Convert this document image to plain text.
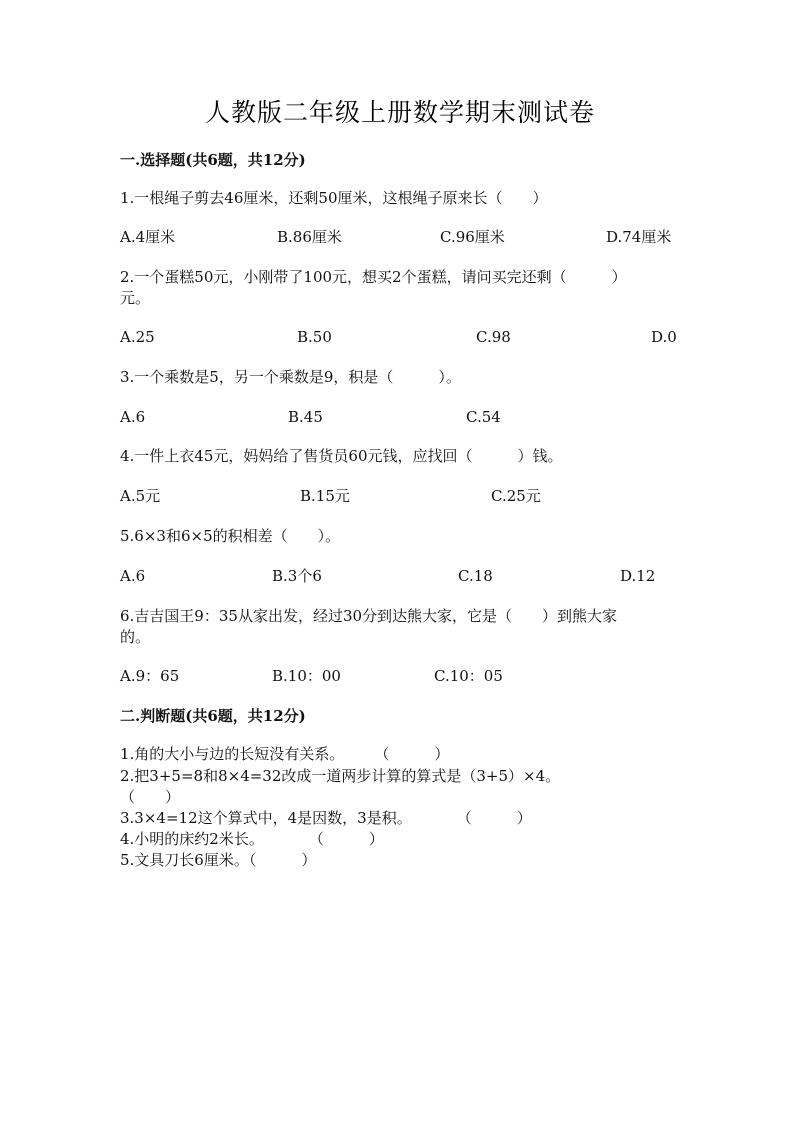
人教版二年级上册数学期末测试卷
一.选择题(共6题，共12分)
1.一根绳子剪去46厘米，还剩50厘米，这根绳子原来长（　　）
A.4厘米	B.86厘米	C.96厘米	D.74厘米
2.一个蛋糕50元，小刚带了100元，想买2个蛋糕，请问买完还剩（　　　）
元。
A.25	B.50	C.98	D.0
3.一个乘数是5，另一个乘数是9，积是（　　　）。
A.6	B.45	C.54
4.一件上衣45元，妈妈给了售货员60元钱，应找回（　　　）钱。
A.5元	B.15元	C.25元
5.6×3和6×5的积相差（　　）。
A.6	B.3个6	C.18	D.12
6.吉吉国王9：35从家出发，经过30分到达熊大家，它是（　　）到熊大家
的。
A.9：65	B.10：00	C.10：05
二.判断题(共6题，共12分)
1.角的大小与边的长短没有关系。　　　（　　　）
2.把3+5=8和8×4=32改成一道两步计算的算式是（3+5）×4。
（　　）
3.3×4=12这个算式中，4是因数，3是积。　　　　（　　　）
4.小明的床约2米长。　　　　（　　　）
5.文具刀长6厘米。（　　　）
